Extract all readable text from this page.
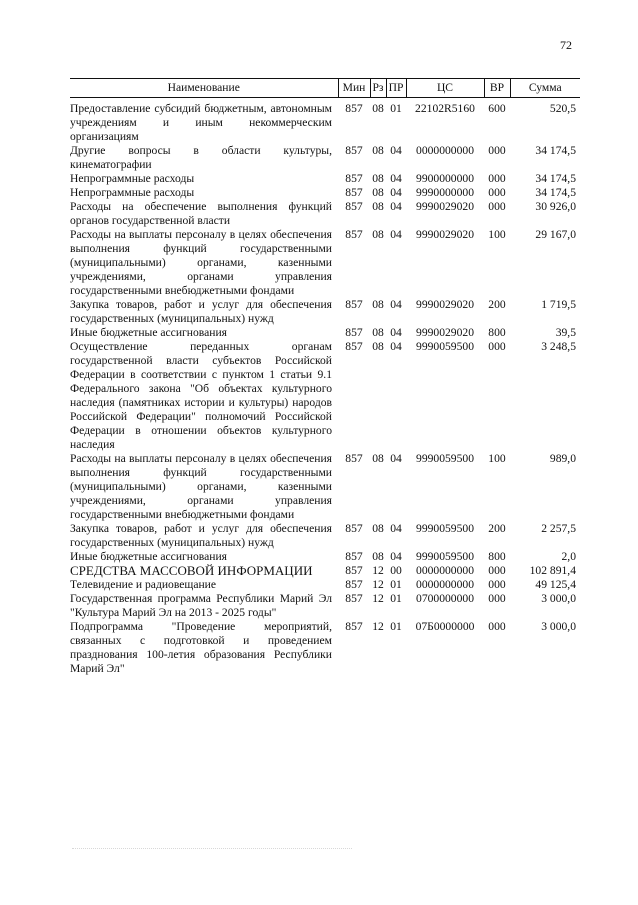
72
Наименование	Мин	Рз	ПР	ЦС	ВР	Сумма
Предоставление субсидий бюджетным, автономным учреждениям и иным некоммерческим организациям	857	08	01	22102R5160	600	520,5
Другие вопросы в области культуры, кинематографии	857	08	04	0000000000	000	34 174,5
Непрограммные расходы	857	08	04	9900000000	000	34 174,5
Непрограммные расходы	857	08	04	9990000000	000	34 174,5
Расходы на обеспечение выполнения функций органов государственной власти	857	08	04	9990029020	000	30 926,0
Расходы на выплаты персоналу в целях обеспечения выполнения функций государственными (муниципальными) органами, казенными учреждениями, органами управления государственными внебюджетными фондами	857	08	04	9990029020	100	29 167,0
Закупка товаров, работ и услуг для обеспечения государственных (муниципальных) нужд	857	08	04	9990029020	200	1 719,5
Иные бюджетные ассигнования	857	08	04	9990029020	800	39,5
Осуществление переданных органам государственной власти субъектов Российской Федерации в соответствии с пунктом 1 статьи 9.1 Федерального закона "Об объектах культурного наследия (памятниках истории и культуры) народов Российской Федерации" полномочий Российской Федерации в отношении объектов культурного наследия	857	08	04	9990059500	000	3 248,5
Расходы на выплаты персоналу в целях обеспечения выполнения функций государственными (муниципальными) органами, казенными учреждениями, органами управления государственными внебюджетными фондами	857	08	04	9990059500	100	989,0
Закупка товаров, работ и услуг для обеспечения государственных (муниципальных) нужд	857	08	04	9990059500	200	2 257,5
Иные бюджетные ассигнования	857	08	04	9990059500	800	2,0
СРЕДСТВА МАССОВОЙ ИНФОРМАЦИИ	857	12	00	0000000000	000	102 891,4
Телевидение и радиовещание	857	12	01	0000000000	000	49 125,4
Государственная программа Республики Марий Эл "Культура Марий Эл на 2013 - 2025 годы"	857	12	01	0700000000	000	3 000,0
Подпрограмма "Проведение мероприятий, связанных с подготовкой и проведением празднования 100-летия образования Республики Марий Эл"	857	12	01	07Б0000000	000	3 000,0
